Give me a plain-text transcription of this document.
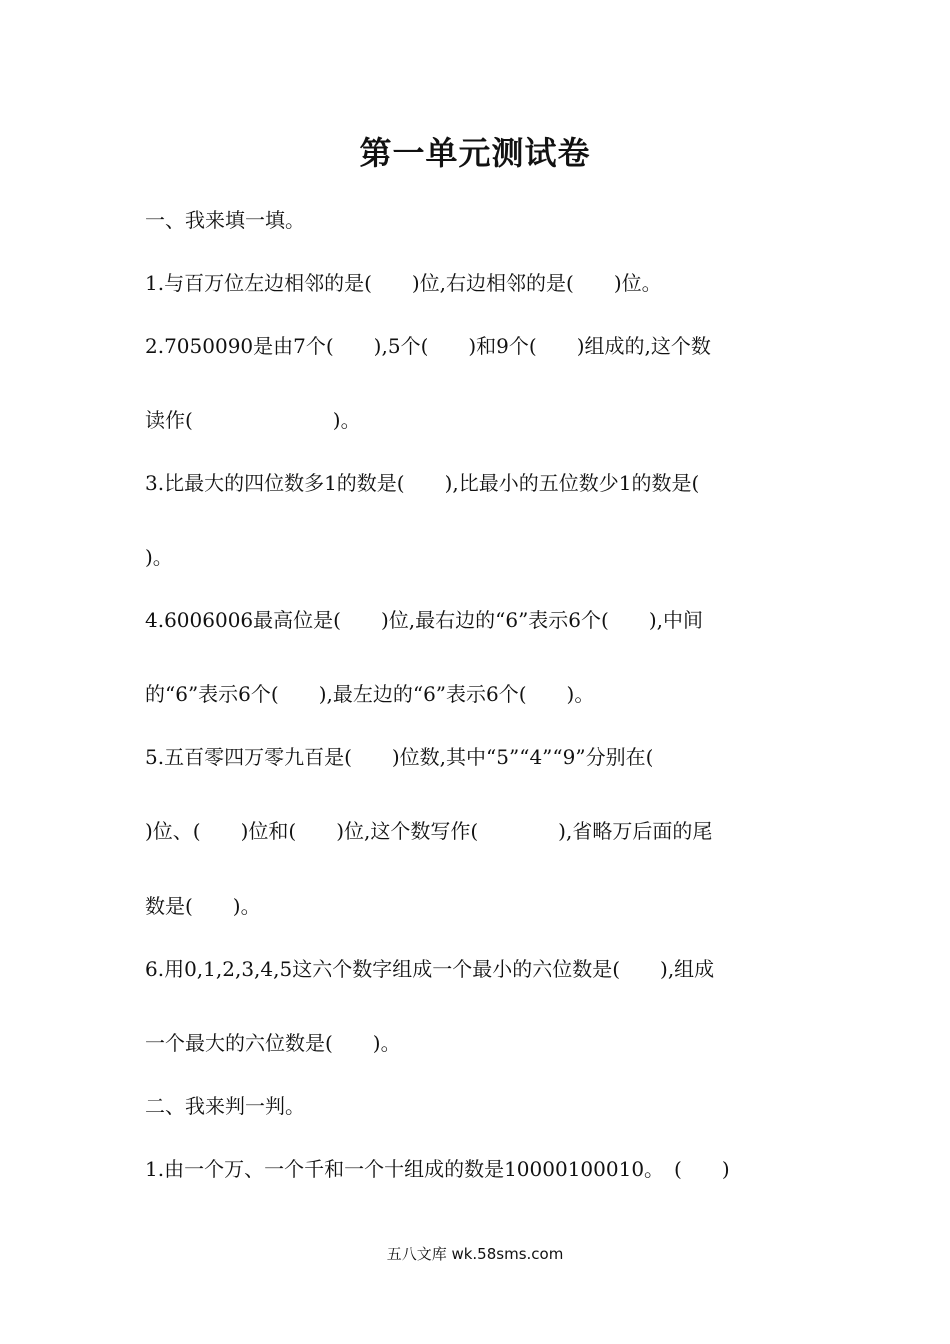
第一单元测试卷
一、我来填一填。
1.与百万位左边相邻的是(　　)位,右边相邻的是(　　)位。
2.7050090是由7个(　　),5个(　　)和9个(　　)组成的,这个数
读作(　　　　　　　)。
3.比最大的四位数多1的数是(　　),比最小的五位数少1的数是(
)。
4.6006006最高位是(　　)位,最右边的“6”表示6个(　　),中间
的“6”表示6个(　　),最左边的“6”表示6个(　　)。
5.五百零四万零九百是(　　)位数,其中“5”“4”“9”分别在(
)位、(　　)位和(　　)位,这个数写作(　　　　),省略万后面的尾
数是(　　)。
6.用0,1,2,3,4,5这六个数字组成一个最小的六位数是(　　),组成
一个最大的六位数是(　　)。
二、我来判一判。
1.由一个万、一个千和一个十组成的数是10000100010。　(　　)
五八文库 wk.58sms.com
